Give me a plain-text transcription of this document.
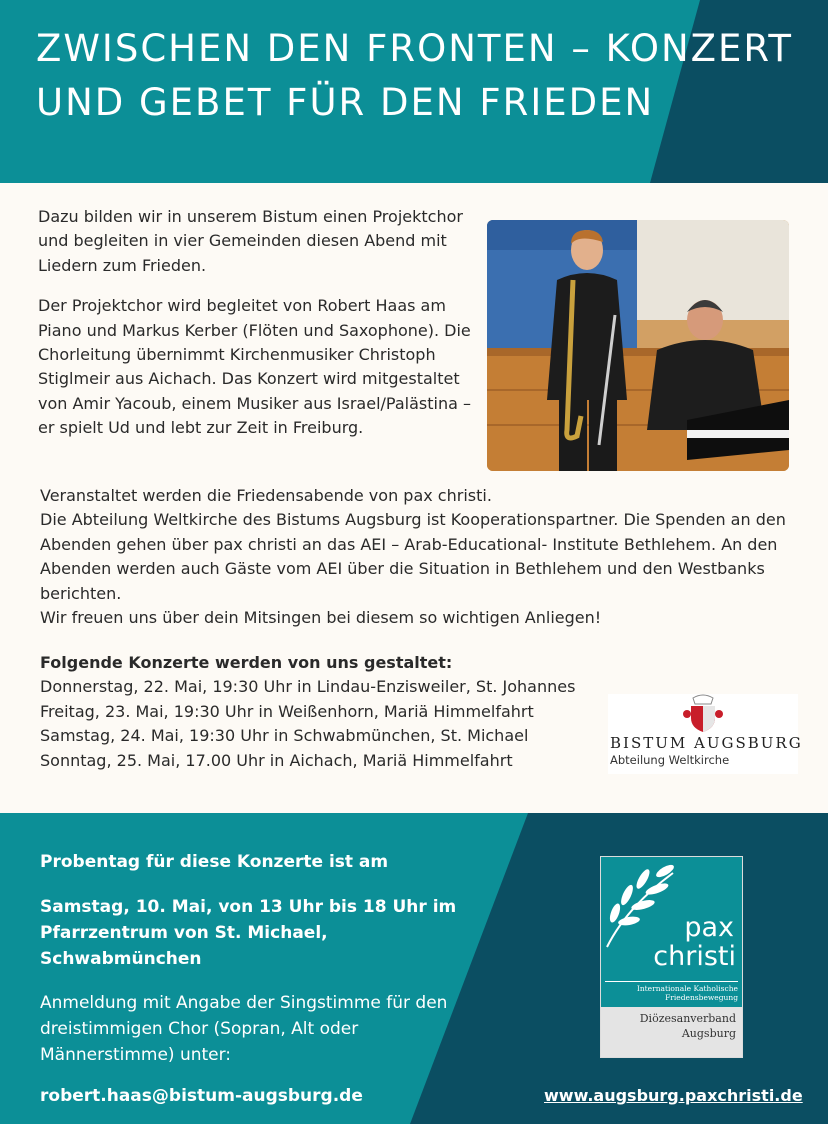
ZWISCHEN DEN FRONTEN – KONZERT
UND GEBET FÜR DEN FRIEDEN

Dazu bilden wir in unserem Bistum einen Projektchor und begleiten in vier Gemeinden diesen Abend mit Liedern zum Frieden.

Der Projektchor wird begleitet von Robert Haas am Piano und Markus Kerber (Flöten und Saxophone). Die Chorleitung übernimmt Kirchenmusiker Christoph Stiglmeir aus Aichach. Das Konzert wird mitgestaltet von Amir Yacoub, einem Musiker aus Israel/Palästina – er spielt Ud und lebt zur Zeit in Freiburg.

Veranstaltet werden die Friedensabende von pax christi.
Die Abteilung Weltkirche des Bistums Augsburg ist Kooperationspartner. Die Spenden an den Abenden gehen über pax christi an das AEI – Arab-Educational- Institute Bethlehem. An den Abenden werden auch Gäste vom AEI über die Situation in Bethlehem und den Westbanks berichten.
Wir freuen uns über dein Mitsingen bei diesem so wichtigen Anliegen!
Folgende Konzerte werden von uns gestaltet:
Donnerstag, 22. Mai, 19:30 Uhr in Lindau-Enzisweiler, St. Johannes
Freitag, 23. Mai, 19:30 Uhr in Weißenhorn, Mariä Himmelfahrt
Samstag, 24. Mai, 19:30 Uhr in Schwabmünchen, St. Michael
Sonntag, 25. Mai, 17.00 Uhr in Aichach, Mariä Himmelfahrt
BISTUM AUGSBURG
Abteilung Weltkirche
Probentag für diese Konzerte ist am
Samstag, 10. Mai, von 13 Uhr bis 18 Uhr im Pfarrzentrum von St. Michael, Schwabmünchen
Anmeldung mit Angabe der Singstimme für den dreistimmigen Chor (Sopran, Alt oder Männerstimme) unter:
robert.haas@bistum-augsburg.de	www.augsburg.paxchristi.de
pax
christi
Internationale Katholische
Friedensbewegung
Diözesanverband
Augsburg
